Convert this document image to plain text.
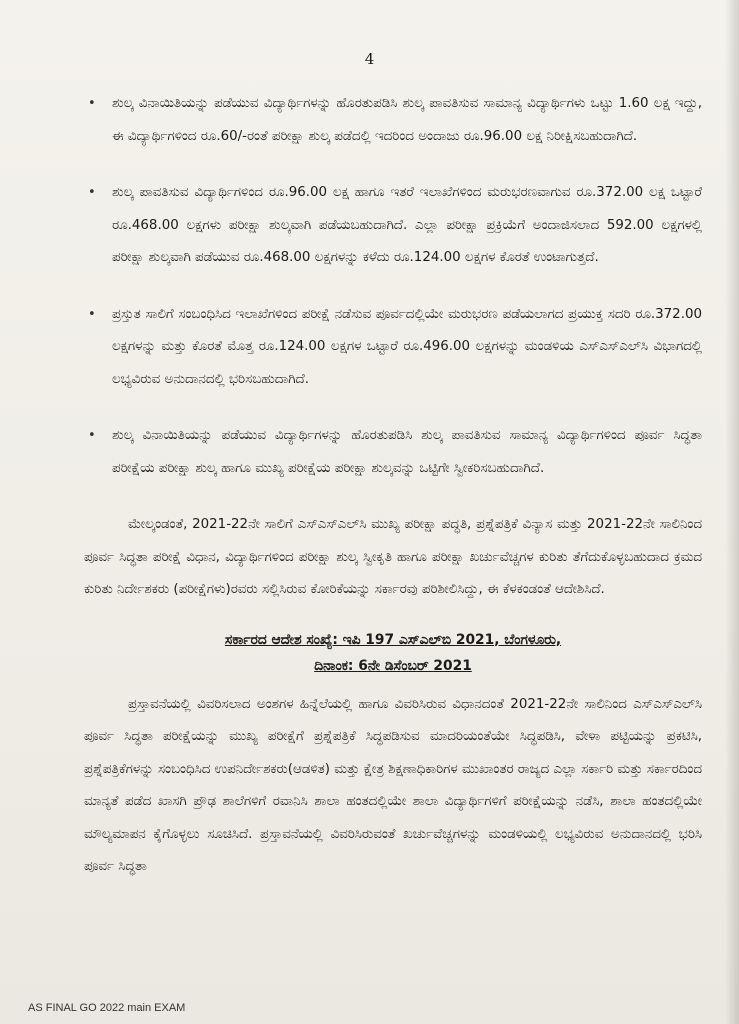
4
• ಶುಲ್ಕ ವಿನಾಯಿತಿಯನ್ನು ಪಡೆಯುವ ವಿದ್ಯಾರ್ಥಿಗಳನ್ನು ಹೊರತುಪಡಿಸಿ ಶುಲ್ಕ ಪಾವತಿಸುವ ಸಾಮಾನ್ಯ ವಿದ್ಯಾರ್ಥಿಗಳು ಒಟ್ಟು 1.60 ಲಕ್ಷ ಇದ್ದು, ಈ ವಿದ್ಯಾರ್ಥಿಗಳಿಂದ ರೂ.60/-ರಂತೆ ಪರೀಕ್ಷಾ ಶುಲ್ಕ ಪಡೆದಲ್ಲಿ ಇದರಿಂದ ಅಂದಾಜು ರೂ.96.00 ಲಕ್ಷ ನಿರೀಕ್ಷಿಸಬಹುದಾಗಿದೆ.
• ಶುಲ್ಕ ಪಾವತಿಸುವ ವಿದ್ಯಾರ್ಥಿಗಳಿಂದ ರೂ.96.00 ಲಕ್ಷ ಹಾಗೂ ಇತರೆ ಇಲಾಖೆಗಳಿಂದ ಮರುಭರಣವಾಗುವ ರೂ.372.00 ಲಕ್ಷ ಒಟ್ಟಾರೆ ರೂ.468.00 ಲಕ್ಷಗಳು ಪರೀಕ್ಷಾ ಶುಲ್ಕವಾಗಿ ಪಡೆಯಬಹುದಾಗಿದೆ. ಎಲ್ಲಾ ಪರೀಕ್ಷಾ ಪ್ರಕ್ರಿಯೆಗೆ ಅಂದಾಜಿಸಲಾದ 592.00 ಲಕ್ಷಗಳಲ್ಲಿ ಪರೀಕ್ಷಾ ಶುಲ್ಕವಾಗಿ ಪಡೆಯುವ ರೂ.468.00 ಲಕ್ಷಗಳನ್ನು ಕಳೆದು ರೂ.124.00 ಲಕ್ಷಗಳ ಕೊರತೆ ಉಂಟಾಗುತ್ತದೆ.
• ಪ್ರಸ್ತುತ ಸಾಲಿಗೆ ಸಂಬಂಧಿಸಿದ ಇಲಾಖೆಗಳಿಂದ ಪರೀಕ್ಷೆ ನಡೆಸುವ ಪೂರ್ವದಲ್ಲಿಯೇ ಮರುಭರಣ ಪಡೆಯಲಾಗದ ಪ್ರಯುಕ್ತ ಸದರಿ ರೂ.372.00 ಲಕ್ಷಗಳನ್ನು ಮತ್ತು ಕೊರತೆ ಮೊತ್ತ ರೂ.124.00 ಲಕ್ಷಗಳ ಒಟ್ಟಾರೆ ರೂ.496.00 ಲಕ್ಷಗಳನ್ನು ಮಂಡಳಿಯ ಎಸ್‌ಎಸ್‌ಎಲ್‌ಸಿ ವಿಭಾಗದಲ್ಲಿ ಲಭ್ಯವಿರುವ ಅನುದಾನದಲ್ಲಿ ಭರಿಸಬಹುದಾಗಿದೆ.
• ಶುಲ್ಕ ವಿನಾಯಿತಿಯನ್ನು ಪಡೆಯುವ ವಿದ್ಯಾರ್ಥಿಗಳನ್ನು ಹೊರತುಪಡಿಸಿ ಶುಲ್ಕ ಪಾವತಿಸುವ ಸಾಮಾನ್ಯ ವಿದ್ಯಾರ್ಥಿಗಳಿಂದ ಪೂರ್ವ ಸಿದ್ಧತಾ ಪರೀಕ್ಷೆಯ ಪರೀಕ್ಷಾ ಶುಲ್ಕ ಹಾಗೂ ಮುಖ್ಯ ಪರೀಕ್ಷೆಯ ಪರೀಕ್ಷಾ ಶುಲ್ಕವನ್ನು ಒಟ್ಟಿಗೇ ಸ್ವೀಕರಿಸಬಹುದಾಗಿದೆ.

ಮೇಲ್ಕಂಡಂತೆ, 2021-22ನೇ ಸಾಲಿಗೆ ಎಸ್‌ಎಸ್‌ಎಲ್‌ಸಿ ಮುಖ್ಯ ಪರೀಕ್ಷಾ ಪದ್ಧತಿ, ಪ್ರಶ್ನೆಪತ್ರಿಕೆ ವಿನ್ಯಾಸ ಮತ್ತು 2021-22ನೇ ಸಾಲಿನಿಂದ ಪೂರ್ವ ಸಿದ್ಧತಾ ಪರೀಕ್ಷೆ ವಿಧಾನ, ವಿದ್ಯಾರ್ಥಿಗಳಿಂದ ಪರೀಕ್ಷಾ ಶುಲ್ಕ ಸ್ವೀಕೃತಿ ಹಾಗೂ ಪರೀಕ್ಷಾ ಖರ್ಚುವೆಚ್ಚಗಳ ಕುರಿತು ತೆಗೆದುಕೊಳ್ಳಬಹುದಾದ ಕ್ರಮದ ಕುರಿತು ನಿರ್ದೇಶಕರು (ಪರೀಕ್ಷೆಗಳು)ರವರು ಸಲ್ಲಿಸಿರುವ ಕೋರಿಕೆಯನ್ನು ಸರ್ಕಾರವು ಪರಿಶೀಲಿಸಿದ್ದು, ಈ ಕೆಳಕಂಡಂತೆ ಆದೇಶಿಸಿದೆ.

ಸರ್ಕಾರದ ಆದೇಶ ಸಂಖ್ಯೆ: ಇಪಿ 197 ಎಸ್‌ಎಲ್‌ಬಿ 2021, ಬೆಂಗಳೂರು,
ದಿನಾಂಕ: 6ನೇ ಡಿಸೆಂಬರ್ 2021

ಪ್ರಸ್ತಾವನೆಯಲ್ಲಿ ವಿವರಿಸಲಾದ ಅಂಶಗಳ ಹಿನ್ನೆಲೆಯಲ್ಲಿ ಹಾಗೂ ವಿವರಿಸಿರುವ ವಿಧಾನದಂತೆ 2021-22ನೇ ಸಾಲಿನಿಂದ ಎಸ್‌ಎಸ್‌ಎಲ್‌ಸಿ ಪೂರ್ವ ಸಿದ್ಧತಾ ಪರೀಕ್ಷೆಯನ್ನು ಮುಖ್ಯ ಪರೀಕ್ಷೆಗೆ ಪ್ರಶ್ನೆಪತ್ರಿಕೆ ಸಿದ್ಧಪಡಿಸುವ ಮಾದರಿಯಂತೆಯೇ ಸಿದ್ಧಪಡಿಸಿ, ವೇಳಾ ಪಟ್ಟಿಯನ್ನು ಪ್ರಕಟಿಸಿ, ಪ್ರಶ್ನೆಪತ್ರಿಕೆಗಳನ್ನು ಸಂಬಂಧಿಸಿದ ಉಪನಿರ್ದೇಶಕರು(ಆಡಳಿತ) ಮತ್ತು ಕ್ಷೇತ್ರ ಶಿಕ್ಷಣಾಧಿಕಾರಿಗಳ ಮುಖಾಂತರ ರಾಜ್ಯದ ಎಲ್ಲಾ ಸರ್ಕಾರಿ ಮತ್ತು ಸರ್ಕಾರದಿಂದ ಮಾನ್ಯತೆ ಪಡೆದ ಖಾಸಗಿ ಪ್ರೌಢ ಶಾಲೆಗಳಿಗೆ ರವಾನಿಸಿ ಶಾಲಾ ಹಂತದಲ್ಲಿಯೇ ಶಾಲಾ ವಿದ್ಯಾರ್ಥಿಗಳಿಗೆ ಪರೀಕ್ಷೆಯನ್ನು ನಡೆಸಿ, ಶಾಲಾ ಹಂತದಲ್ಲಿಯೇ ಮೌಲ್ಯಮಾಪನ ಕೈಗೊಳ್ಳಲು ಸೂಚಿಸಿದೆ. ಪ್ರಸ್ತಾವನೆಯಲ್ಲಿ ವಿವರಿಸಿರುವಂತೆ ಖರ್ಚುವೆಚ್ಚಗಳನ್ನು ಮಂಡಳಿಯಲ್ಲಿ ಲಭ್ಯವಿರುವ ಅನುದಾನದಲ್ಲಿ ಭರಿಸಿ ಪೂರ್ವ ಸಿದ್ಧತಾ

AS FINAL GO 2022 main EXAM
